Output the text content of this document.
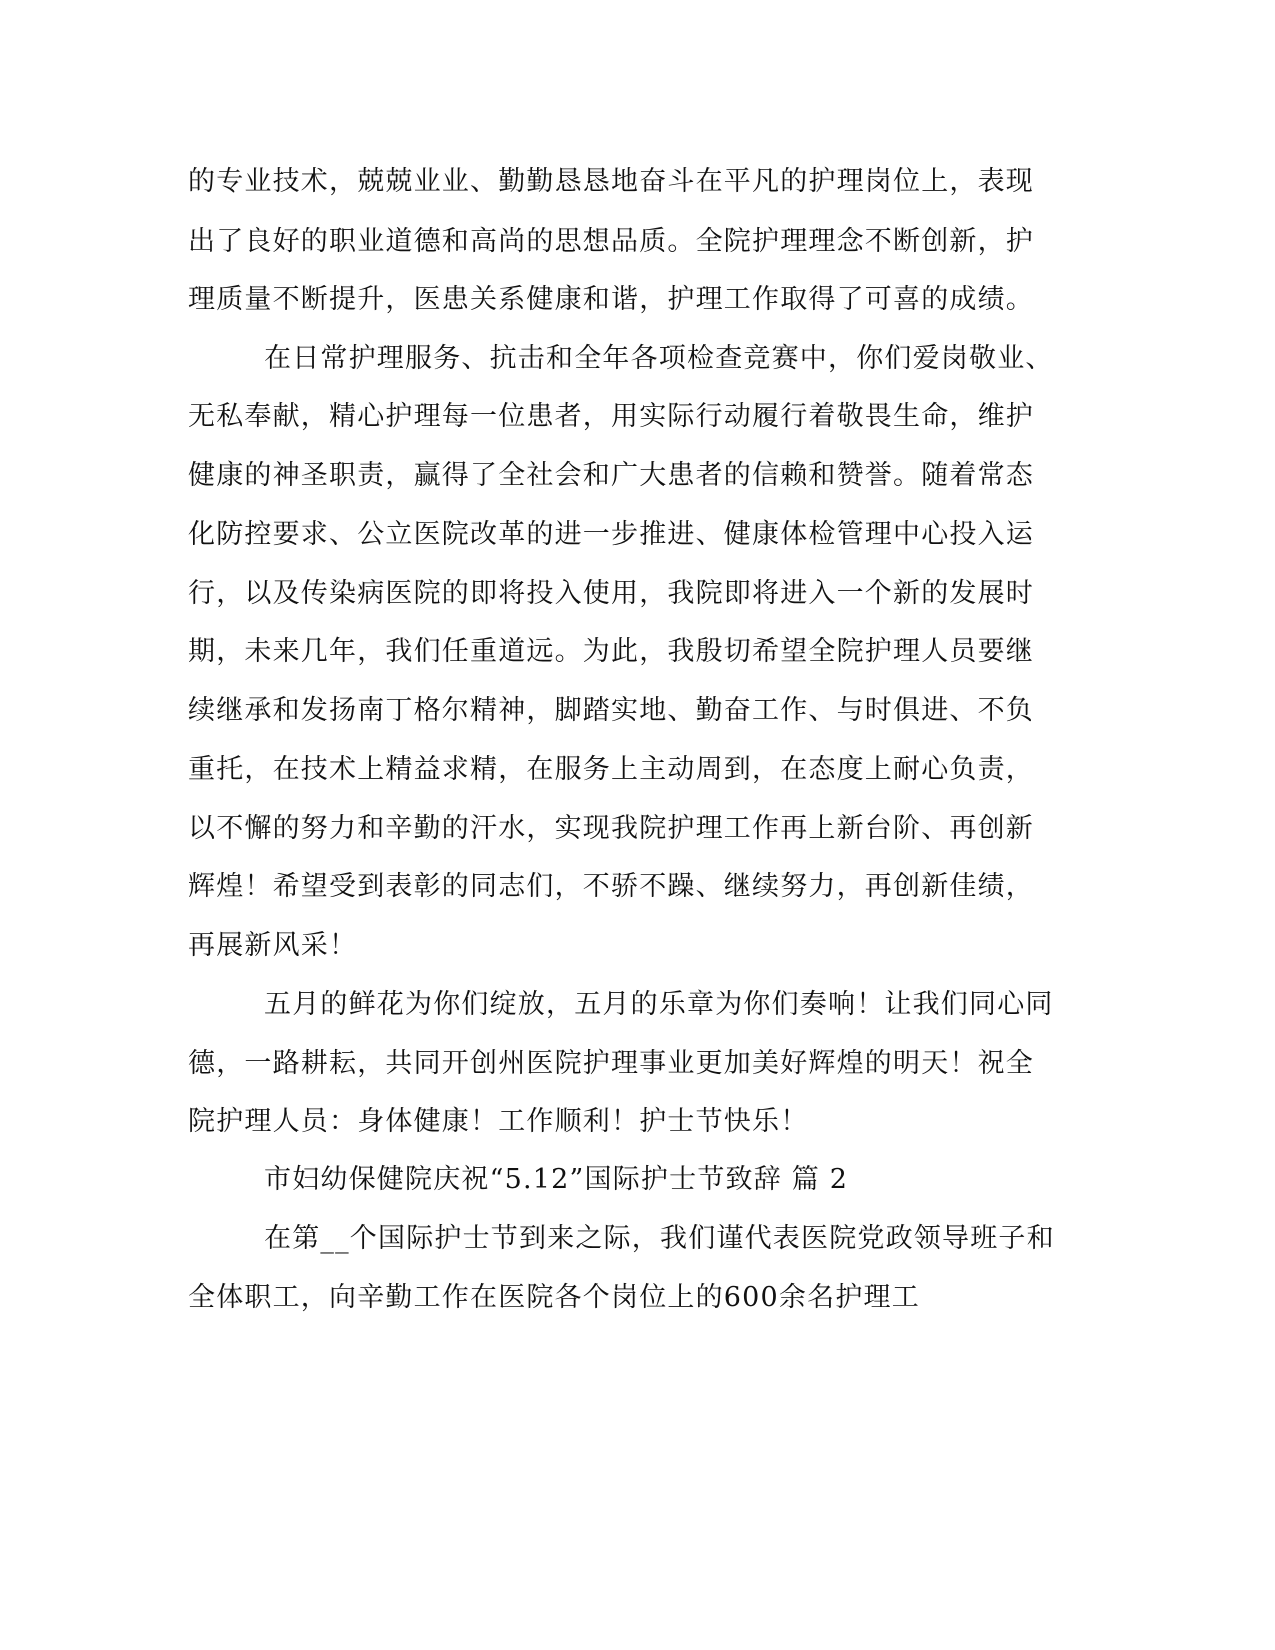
的专业技术，兢兢业业、勤勤恳恳地奋斗在平凡的护理岗位上，表现
出了良好的职业道德和高尚的思想品质。全院护理理念不断创新，护
理质量不断提升，医患关系健康和谐，护理工作取得了可喜的成绩。
在日常护理服务、抗击和全年各项检查竞赛中，你们爱岗敬业、
无私奉献，精心护理每一位患者，用实际行动履行着敬畏生命，维护
健康的神圣职责，赢得了全社会和广大患者的信赖和赞誉。随着常态
化防控要求、公立医院改革的进一步推进、健康体检管理中心投入运
行，以及传染病医院的即将投入使用，我院即将进入一个新的发展时
期，未来几年，我们任重道远。为此，我殷切希望全院护理人员要继
续继承和发扬南丁格尔精神，脚踏实地、勤奋工作、与时俱进、不负
重托，在技术上精益求精，在服务上主动周到，在态度上耐心负责，
以不懈的努力和辛勤的汗水，实现我院护理工作再上新台阶、再创新
辉煌！希望受到表彰的同志们，不骄不躁、继续努力，再创新佳绩，
再展新风采！
五月的鲜花为你们绽放，五月的乐章为你们奏响！让我们同心同
德，一路耕耘，共同开创州医院护理事业更加美好辉煌的明天！祝全
院护理人员：身体健康！工作顺利！护士节快乐！
市妇幼保健院庆祝“5.12”国际护士节致辞 篇 2
在第__个国际护士节到来之际，我们谨代表医院党政领导班子和
全体职工，向辛勤工作在医院各个岗位上的600余名护理工
